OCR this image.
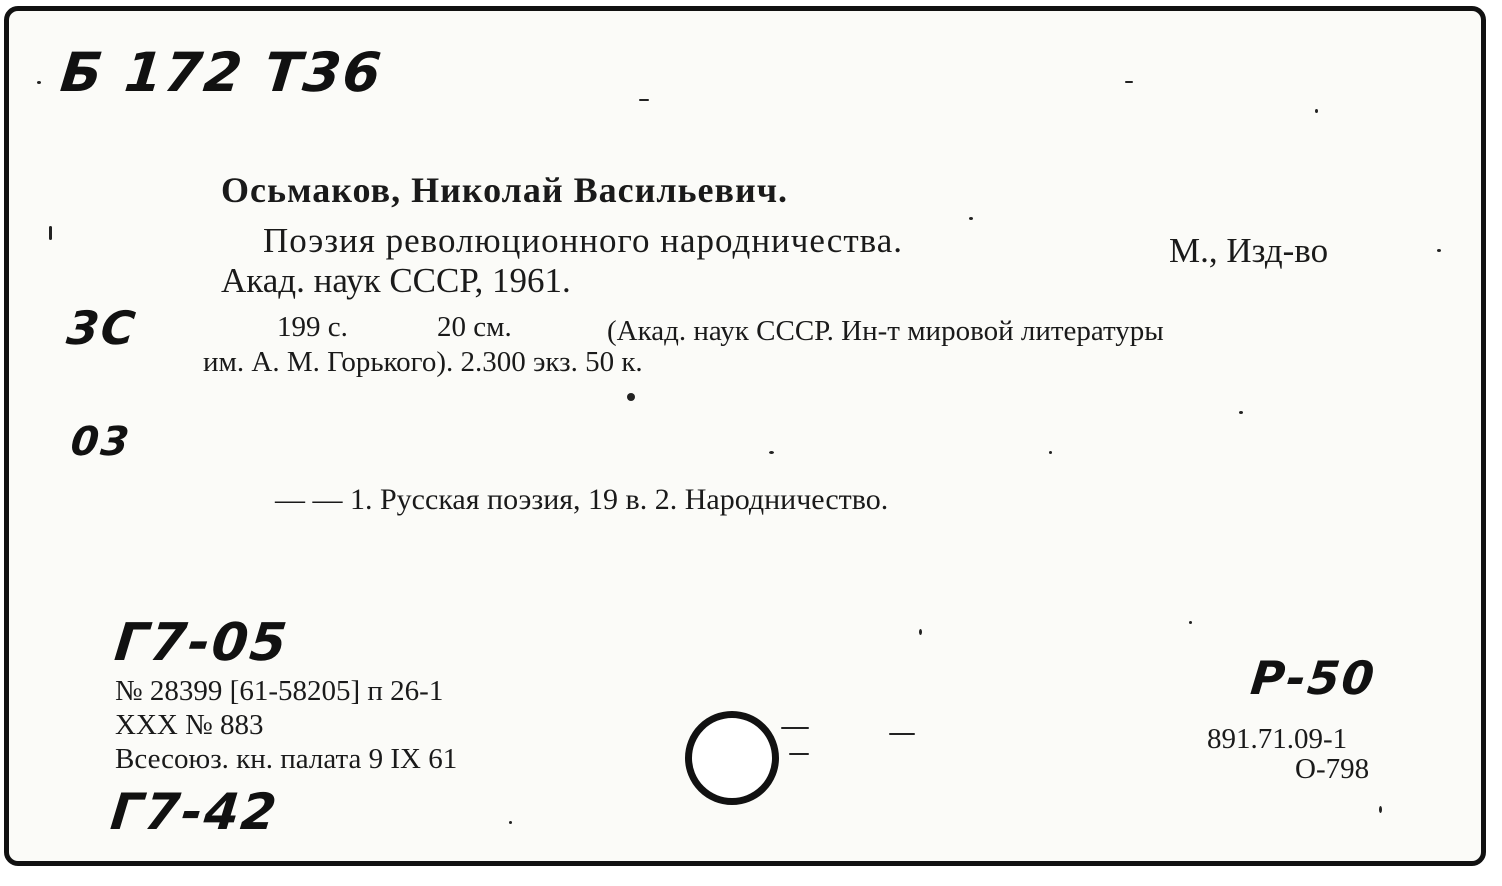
Б 172 Т36
3С
03
Г7-05
Г7-42
Р-50
Осьмаков, Николай Васильевич.
Поэзия революционного народничества.	М., Изд-во
Акад. наук СССР, 1961.
199 с.	20 см.	(Акад. наук СССР. Ин-т мировой литературы
им. А. М. Горького). 2.300 экз. 50 к.
— — 1. Русская поэзия, 19 в. 2. Народничество.
№ 28399 [61-58205] п 26-1
XXX № 883
Всесоюз. кн. палата 9 IX 61
891.71.09-1
О-798
